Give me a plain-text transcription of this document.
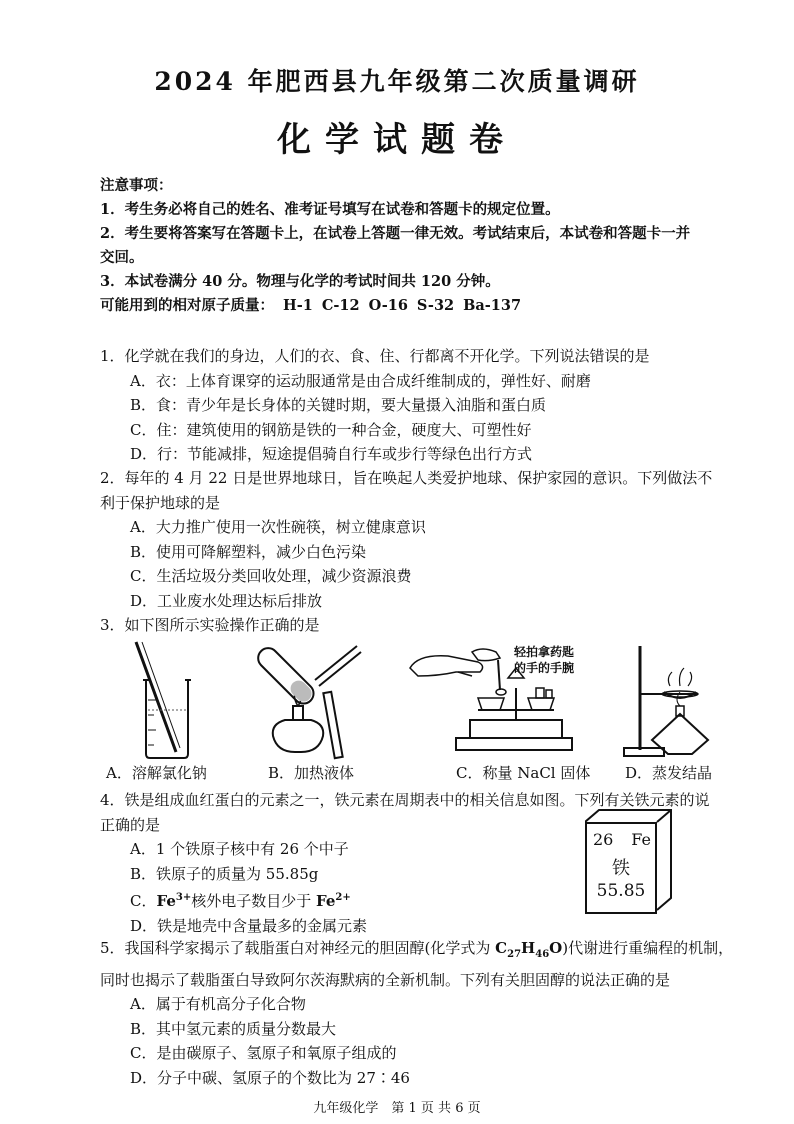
2024 年肥西县九年级第二次质量调研
化学试题卷
注意事项：
1．考生务必将自己的姓名、准考证号填写在试卷和答题卡的规定位置。
2．考生要将答案写在答题卡上，在试卷上答题一律无效。考试结束后，本试卷和答题卡一并
交回。
3．本试卷满分 40 分。物理与化学的考试时间共 120 分钟。
可能用到的相对原子质量： H-1 C-12 O-16 S-32 Ba-137
1．化学就在我们的身边，人们的衣、食、住、行都离不开化学。下列说法错误的是
A．衣：上体育课穿的运动服通常是由合成纤维制成的，弹性好、耐磨
B．食：青少年是长身体的关键时期，要大量摄入油脂和蛋白质
C．住：建筑使用的钢筋是铁的一种合金，硬度大、可塑性好
D．行：节能减排，短途提倡骑自行车或步行等绿色出行方式
2．每年的 4 月 22 日是世界地球日，旨在唤起人类爱护地球、保护家园的意识。下列做法不
利于保护地球的是
A．大力推广使用一次性碗筷，树立健康意识
B．使用可降解塑料，减少白色污染
C．生活垃圾分类回收处理，减少资源浪费
D．工业废水处理达标后排放
3．如下图所示实验操作正确的是
轻拍拿药匙
的手的手腕
A．溶解氯化钠	B．加热液体	C．称量 NaCl 固体 D．蒸发结晶
4．铁是组成血红蛋白的元素之一，铁元素在周期表中的相关信息如图。下列有关铁元素的说
正确的是
A．1 个铁原子核中有 26 个中子
B．铁原子的质量为 55.85g
C．$Fe^{3+}$核外电子数目少于 $Fe^{2+}$
D．铁是地壳中含量最多的金属元素
26 Fe
铁
55.85
5．我国科学家揭示了载脂蛋白对神经元的胆固醇(化学式为 $C_{27}H_{46}O$)代谢进行重编程的机制，
同时也揭示了载脂蛋白导致阿尔茨海默病的全新机制。下列有关胆固醇的说法正确的是
A．属于有机高分子化合物
B．其中氢元素的质量分数最大
C．是由碳原子、氢原子和氧原子组成的
D．分子中碳、氢原子的个数比为 27∶46
九年级化学　第 1 页 共 6 页
